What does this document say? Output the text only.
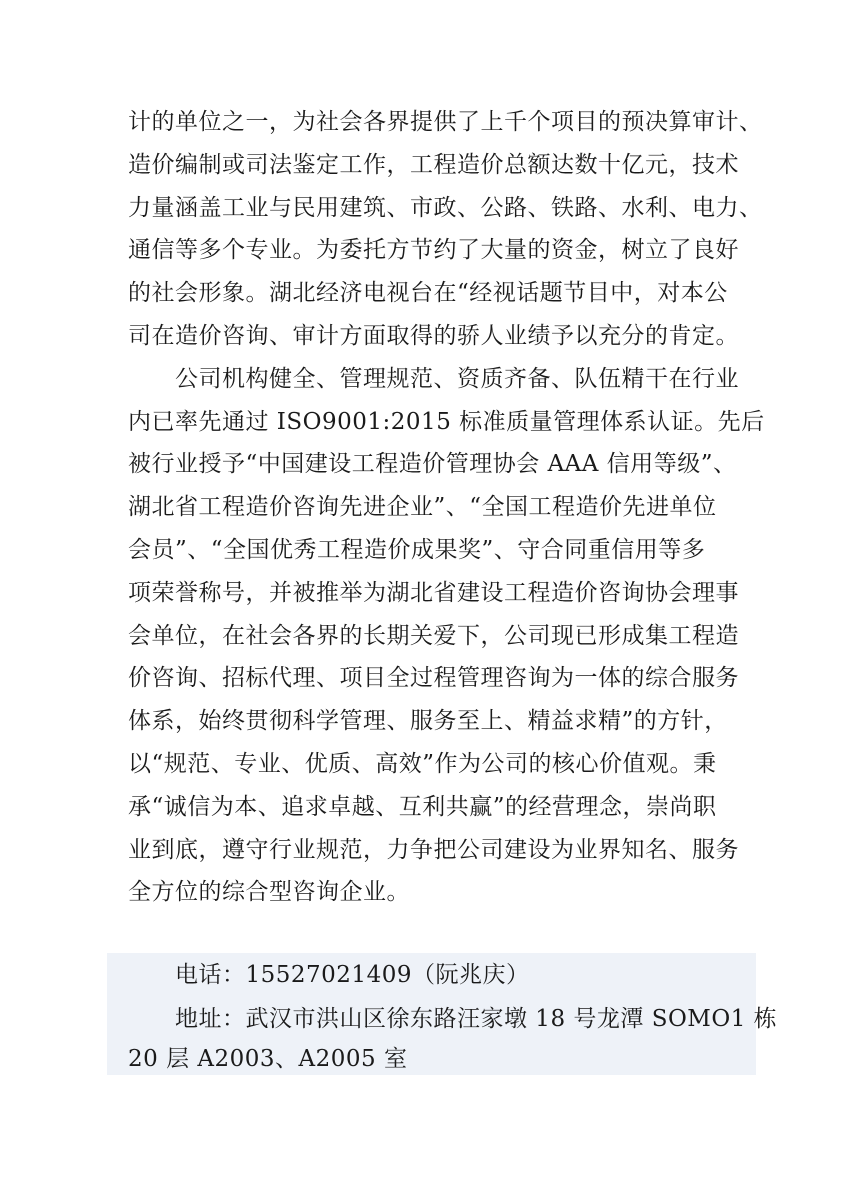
计的单位之一，为社会各界提供了上千个项目的预决算审计、
造价编制或司法鉴定工作，工程造价总额达数十亿元，技术
力量涵盖工业与民用建筑、市政、公路、铁路、水利、电力、
通信等多个专业。为委托方节约了大量的资金，树立了良好
的社会形象。湖北经济电视台在“经视话题节目中，对本公
司在造价咨询、审计方面取得的骄人业绩予以充分的肯定。
公司机构健全、管理规范、资质齐备、队伍精干在行业
内已率先通过 ISO9001:2015 标准质量管理体系认证。先后
被行业授予“中国建设工程造价管理协会 AAA 信用等级”、
湖北省工程造价咨询先进企业”、“全国工程造价先进单位
会员”、“全国优秀工程造价成果奖”、守合同重信用等多
项荣誉称号，并被推举为湖北省建设工程造价咨询协会理事
会单位，在社会各界的长期关爱下，公司现已形成集工程造
价咨询、招标代理、项目全过程管理咨询为一体的综合服务
体系，始终贯彻科学管理、服务至上、精益求精”的方针，
以“规范、专业、优质、高效”作为公司的核心价值观。秉
承“诚信为本、追求卓越、互利共赢”的经营理念，崇尚职
业到底，遵守行业规范，力争把公司建设为业界知名、服务
全方位的综合型咨询企业。
电话：15527021409（阮兆庆）
地址：武汉市洪山区徐东路汪家墩 18 号龙潭 SOMO1 栋
20 层 A2003、A2005 室
